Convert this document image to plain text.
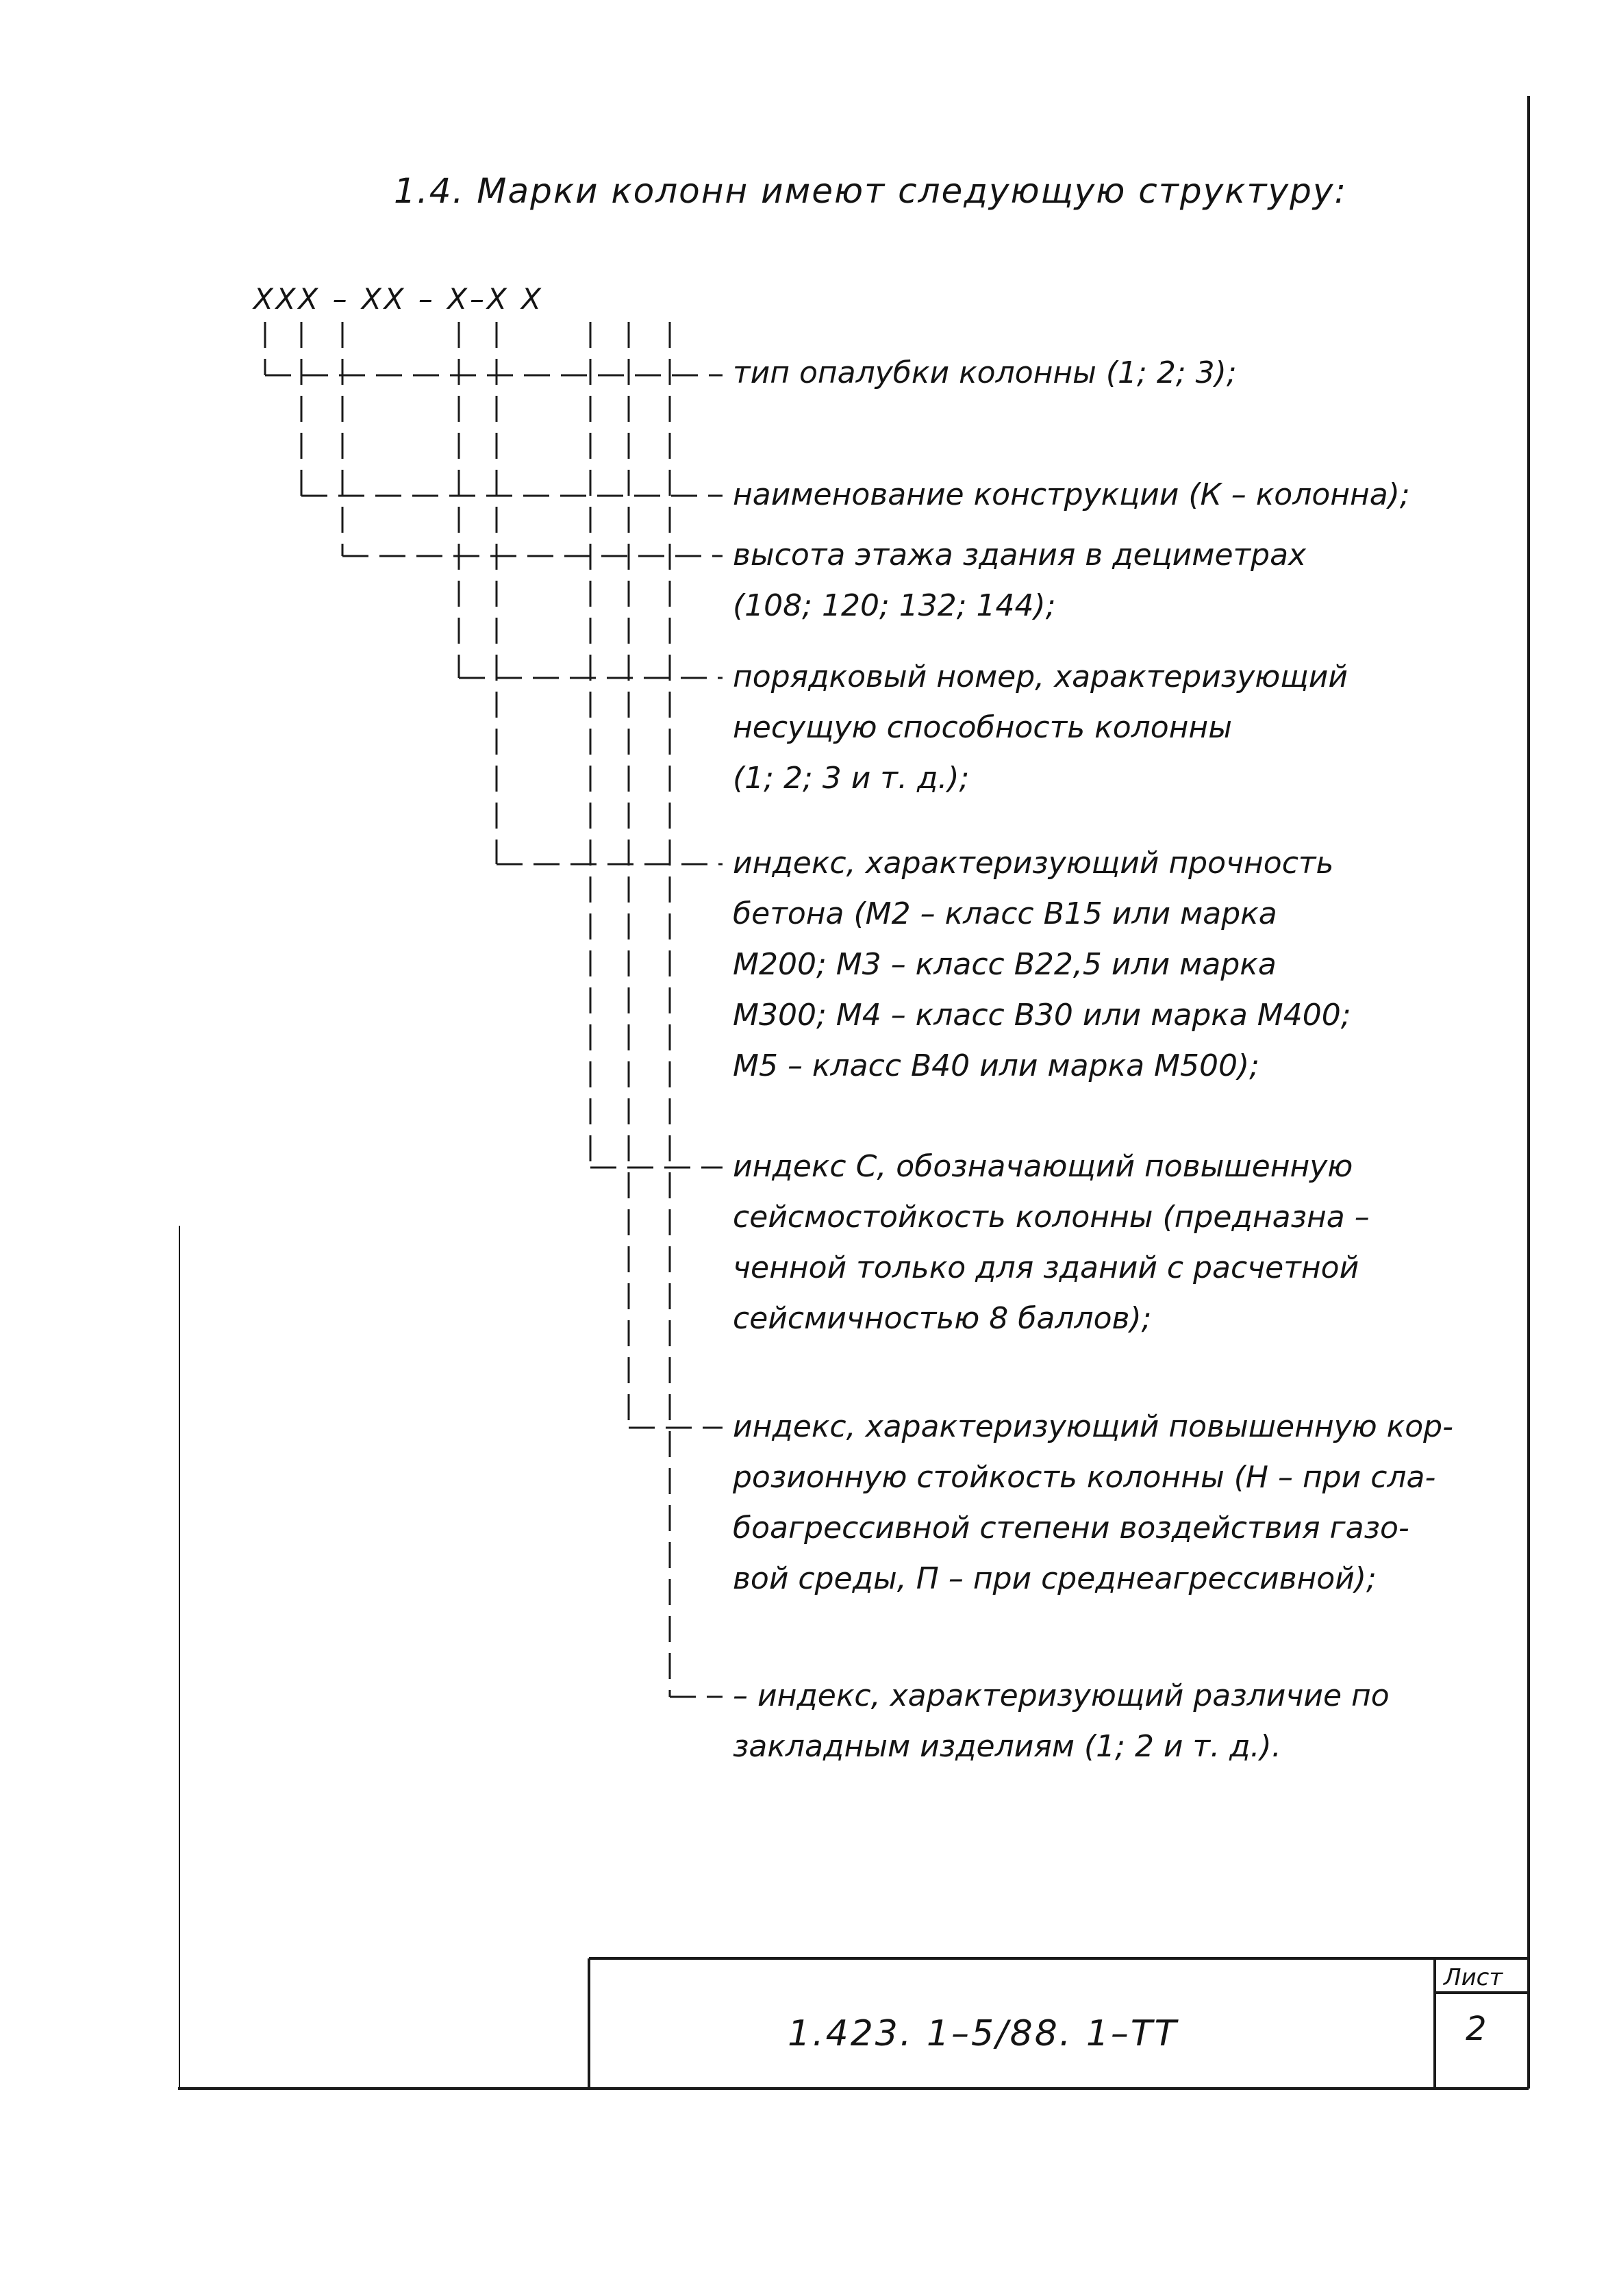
1.4. Марки колонн имеют следующую структуру:
XXX – XX – X–X X
тип опалубки колонны (1; 2; 3);
наименование конструкции (К – колонна);
высота этажа здания в дециметрах
(108; 120; 132; 144);
порядковый номер, характеризующий
несущую способность колонны
(1; 2; 3 и т. д.);
индекс, характеризующий прочность
бетона (М2 – класс В15 или марка
М200; М3 – класс В22,5 или марка
М300; М4 – класс В30 или марка М400;
М5 – класс В40 или марка М500);
индекс С, обозначающий повышенную
сейсмостойкость колонны (предназна –
ченной только для зданий с расчетной
сейсмичностью 8 баллов);
индекс, характеризующий повышенную кор-
розионную стойкость колонны (Н – при сла-
боагрессивной степени воздействия газо-
вой среды, П – при среднеагрессивной);
– индекс, характеризующий различие по
закладным изделиям (1; 2 и т. д.).
1.423. 1–5/88. 1–ТТ
Лист
2
